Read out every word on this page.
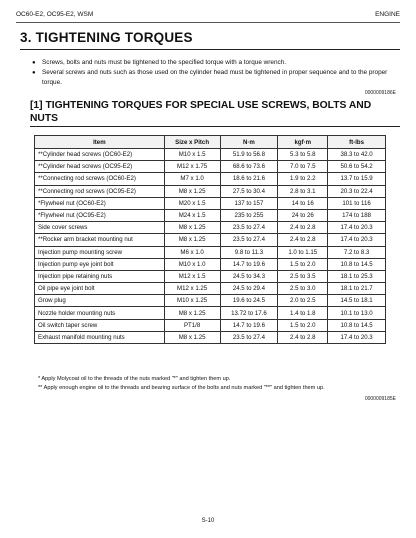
OC60-E2, OC95-E2, WSM	ENGINE
3. TIGHTENING TORQUES
● Screws, bolts and nuts must be tightened to the specified torque with a torque wrench.
● Several screws and nuts such as those used on the cylinder head must be tightened in proper sequence and to the proper torque.
0000009186E
[1] TIGHTENING TORQUES FOR SPECIAL USE SCREWS, BOLTS AND NUTS
Item	Size x Pitch	N·m	kgf·m	ft-lbs
**Cylinder head screws (OC60-E2)	M10 x 1.5	51.9 to 56.8	5.3 to 5.8	38.3 to 42.0
**Cylinder head screws (OC95-E2)	M12 x 1.75	68.6 to 73.6	7.0 to 7.5	50.6 to 54.2
**Connecting rod screws (OC60-E2)	M7 x 1.0	18.6 to 21.6	1.9 to 2.2	13.7 to 15.9
**Connecting rod screws (OC95-E2)	M8 x 1.25	27.5 to 30.4	2.8 to 3.1	20.3 to 22.4
*Flywheel nut (OC60-E2)	M20 x 1.5	137 to 157	14 to 16	101 to 116
*Flywheel nut (OC95-E2)	M24 x 1.5	235 to 255	24 to 26	174 to 188
Side cover screws	M8 x 1.25	23.5 to 27.4	2.4 to 2.8	17.4 to 20.3
**Rocker arm bracket mounting nut	M8 x 1.25	23.5 to 27.4	2.4 to 2.8	17.4 to 20.3
Injection pump mounting screw	M6 x 1.0	9.8 to 11.3	1.0 to 1.15	7.2 to 8.3
Injection pump eye joint bolt	M10 x 1.0	14.7 to 19.6	1.5 to 2.0	10.8 to 14.5
Injection pipe retaining nuts	M12 x 1.5	24.5 to 34.3	2.5 to 3.5	18.1 to 25.3
Oil pipe eye joint bolt	M12 x 1.25	24.5 to 29.4	2.5 to 3.0	18.1 to 21.7
Grow plug	M10 x 1.25	19.6 to 24.5	2.0 to 2.5	14.5 to 18.1
Nozzle holder mounting nuts	M8 x 1.25	13.72 to 17.6	1.4 to 1.8	10.1 to 13.0
Oil switch taper screw	PT1/8	14.7 to 19.6	1.5 to 2.0	10.8 to 14.5
Exhaust manifold mounting nuts	M8 x 1.25	23.5 to 27.4	2.4 to 2.8	17.4 to 20.3
* Apply Molycoat oil to the threads of the nuts marked "*" and tighten them up.
** Apply enough engine oil to the threads and bearing surface of the bolts and nuts marked "**" and tighten them up.
0000009185E
S-10
